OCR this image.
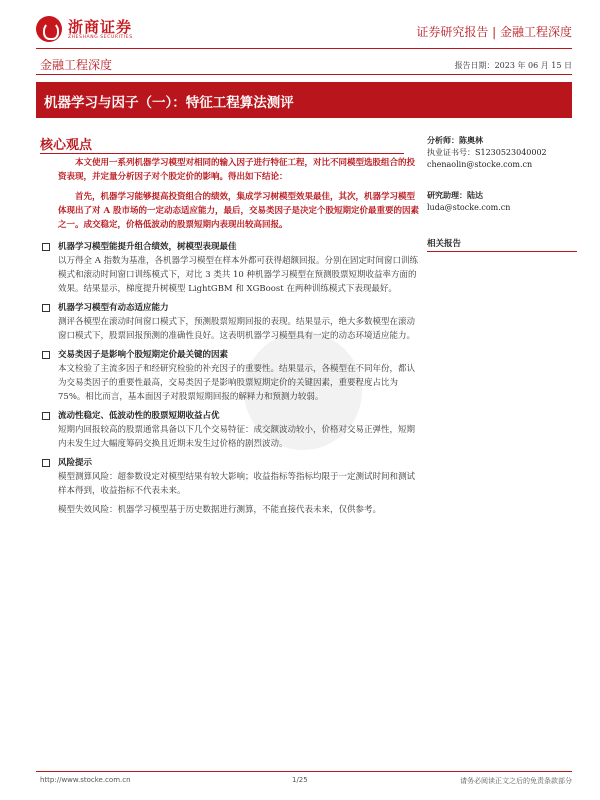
浙商证券
ZHESHANG SECURITIES	证券研究报告 | 金融工程深度
金融工程深度	报告日期：2023 年 06 月 15 日
机器学习与因子（一）：特征工程算法测评
核心观点

本文使用一系列机器学习模型对相同的输入因子进行特征工程，对比不同模型选股组合的投资表现，并定量分析因子对个股定价的影响。得出如下结论：

首先，机器学习能够提高投资组合的绩效，集成学习树模型效果最佳，其次，机器学习模型体现出了对 A 股市场的一定动态适应能力，最后，交易类因子是决定个股短期定价最重要的因素之一。成交稳定，价格低波动的股票短期内表现出较高回报。

机器学习模型能提升组合绩效，树模型表现最佳

以万得全 A 指数为基准，各机器学习模型在样本外都可获得超额回报。分别在固定时间窗口训练模式和滚动时间窗口训练模式下，对比 3 类共 10 种机器学习模型在预测股票短期收益率方面的效果。结果显示，梯度提升树模型 LightGBM 和 XGBoost 在两种训练模式下表现最好。

机器学习模型有动态适应能力

测评各模型在滚动时间窗口模式下，预测股票短期回报的表现。结果显示，绝大多数模型在滚动窗口模式下，股票回报预测的准确性良好。这表明机器学习模型具有一定的动态环境适应能力。

交易类因子是影响个股短期定价最关键的因素

本文检验了主流多因子和经研究检验的补充因子的重要性。结果显示，各模型在不同年份，都认为交易类因子的重要性最高，交易类因子是影响股票短期定价的关键因素，重要程度占比为 75%。相比而言，基本面因子对股票短期回报的解释力和预测力较弱。

流动性稳定、低波动性的股票短期收益占优

短期内回报较高的股票通常具备以下几个交易特征：成交额波动较小，价格对交易正弹性，短期内未发生过大幅度筹码交换且近期未发生过价格的剧烈波动。

风险提示

模型测算风险：超参数设定对模型结果有较大影响；收益指标等指标均限于一定测试时间和测试样本得到，收益指标不代表未来。

模型失效风险：机器学习模型基于历史数据进行测算，不能直接代表未来，仅供参考。

分析师：陈奥林
执业证书号：S1230523040002
chenaolin@stocke.com.cn
研究助理：陆达
luda@stocke.com.cn
相关报告
http://www.stocke.com.cn	1/25	请务必阅读正文之后的免责条款部分
